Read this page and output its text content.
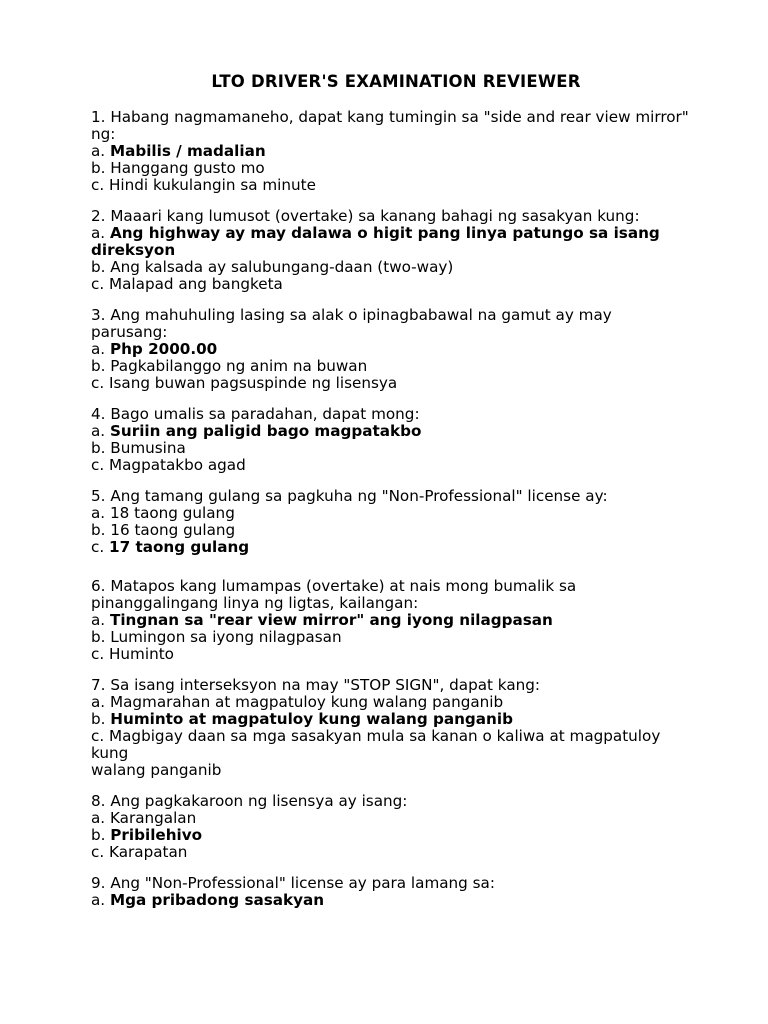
LTO DRIVER'S EXAMINATION REVIEWER
1. Habang nagmamaneho, dapat kang tumingin sa "side and rear view mirror" ng:
a. Mabilis / madalian
b. Hanggang gusto mo
c. Hindi kukulangin sa minute
2. Maaari kang lumusot (overtake) sa kanang bahagi ng sasakyan kung:
a. Ang highway ay may dalawa o higit pang linya patungo sa isang direksyon
b. Ang kalsada ay salubungang-daan (two-way)
c. Malapad ang bangketa
3. Ang mahuhuling lasing sa alak o ipinagbabawal na gamut ay may parusang:
a. Php 2000.00
b. Pagkabilanggo ng anim na buwan
c. Isang buwan pagsuspinde ng lisensya
4. Bago umalis sa paradahan, dapat mong:
a. Suriin ang paligid bago magpatakbo
b. Bumusina
c. Magpatakbo agad
5. Ang tamang gulang sa pagkuha ng "Non-Professional" license ay:
a. 18 taong gulang
b. 16 taong gulang
c. 17 taong gulang
6. Matapos kang lumampas (overtake) at nais mong bumalik sa pinanggalingang linya ng ligtas, kailangan:
a. Tingnan sa "rear view mirror" ang iyong nilagpasan
b. Lumingon sa iyong nilagpasan
c. Huminto
7. Sa isang interseksyon na may "STOP SIGN", dapat kang:
a. Magmarahan at magpatuloy kung walang panganib
b. Huminto at magpatuloy kung walang panganib
c. Magbigay daan sa mga sasakyan mula sa kanan o kaliwa at magpatuloy kung
walang panganib
8. Ang pagkakaroon ng lisensya ay isang:
a. Karangalan
b. Pribilehivo
c. Karapatan
9. Ang "Non-Professional" license ay para lamang sa:
a. Mga pribadong sasakyan
